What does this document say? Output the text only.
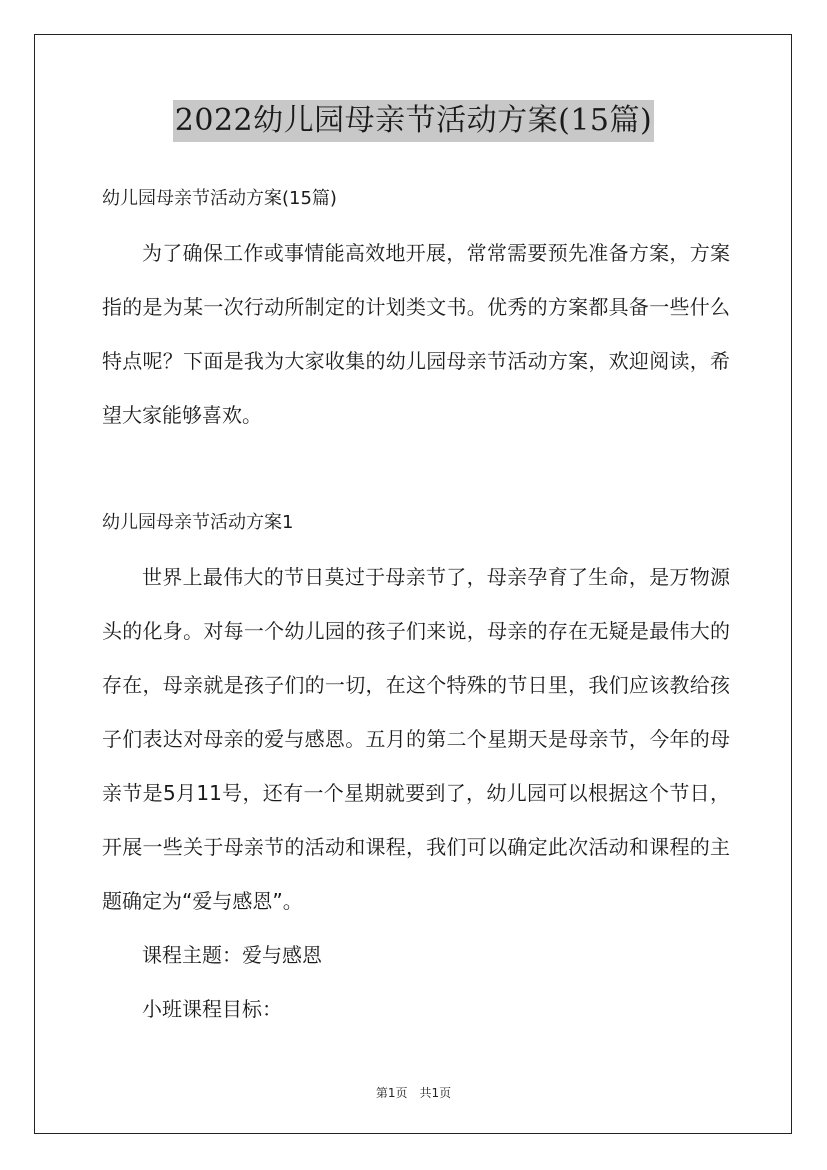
2022幼儿园母亲节活动方案(15篇)

幼儿园母亲节活动方案(15篇)

为了确保工作或事情能高效地开展，常常需要预先准备方案，方案指的是为某一次行动所制定的计划类文书。优秀的方案都具备一些什么特点呢？下面是我为大家收集的幼儿园母亲节活动方案，欢迎阅读，希望大家能够喜欢。

幼儿园母亲节活动方案1

世界上最伟大的节日莫过于母亲节了，母亲孕育了生命，是万物源头的化身。对每一个幼儿园的孩子们来说，母亲的存在无疑是最伟大的存在，母亲就是孩子们的一切，在这个特殊的节日里，我们应该教给孩子们表达对母亲的爱与感恩。五月的第二个星期天是母亲节，今年的母亲节是5月11号，还有一个星期就要到了，幼儿园可以根据这个节日，开展一些关于母亲节的活动和课程，我们可以确定此次活动和课程的主题确定为“爱与感恩”。

课程主题：爱与感恩

小班课程目标：

第1页　共1页
